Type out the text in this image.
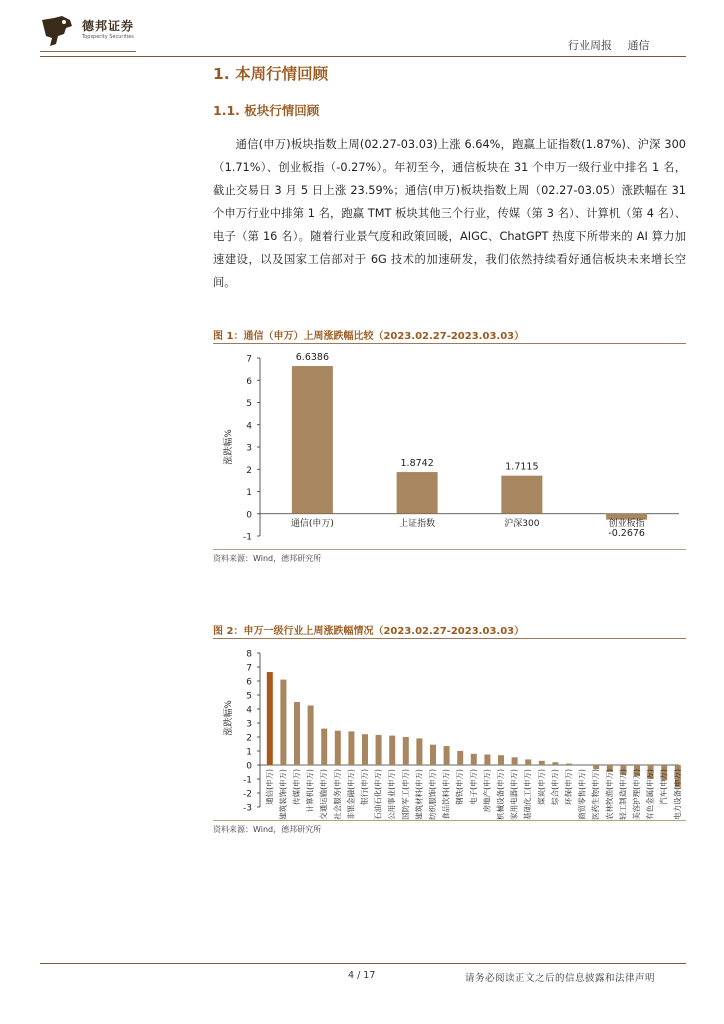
德邦证券
Topsperity Securities
行业周报 通信
1. 本周行情回顾
1.1. 板块行情回顾
通信(申万)板块指数上周(02.27-03.03)上涨 6.64%，跑赢上证指数(1.87%)、沪深 300（1.71%）、创业板指（-0.27%）。年初至今，通信板块在 31 个申万一级行业中排名 1 名，截止交易日 3 月 5 日上涨 23.59%；通信(申万)板块指数上周（02.27-03.05）涨跌幅在 31 个申万行业中排第 1 名，跑赢 TMT 板块其他三个行业，传媒（第 3 名）、计算机（第 4 名）、电子（第 16 名）。随着行业景气度和政策回暖，AIGC、ChatGPT 热度下所带来的 AI 算力加速建设，以及国家工信部对于 6G 技术的加速研发，我们依然持续看好通信板块未来增长空间。
图 1：通信（申万）上周涨跌幅比较（2023.02.27-2023.03.03）
-1
0
1
2
3
4
5
6
7
涨跌幅%
6.6386
通信(申万)
1.8742
上证指数
1.7115
沪深300
-0.2676
创业板指
资料来源：Wind，德邦研究所
图 2：申万一级行业上周涨跌幅情况（2023.02.27-2023.03.03）
-3
-2
-1
0
1
2
3
4
5
6
7
8
涨跌幅%
通信(申万) 建筑装饰(申万) 传媒(申万) 计算机(申万) 交通运输(申万) 社会服务(申万) 非银金融(申万) 银行(申万) 石油石化(申万) 公用事业(申万) 国防军工(申万) 建筑材料(申万) 纺织服饰(申万) 食品饮料(申万) 钢铁(申万) 电子(申万) 房地产(申万) 机械设备(申万) 家用电器(申万) 基础化工(申万) 煤炭(申万) 综合(申万) 环保(申万) 商贸零售(申万) 医药生物(申万) 农林牧渔(申万) 轻工制造(申万) 美容护理(申万) 有色金属(申万) 汽车(申万) 电力设备(申万)
资料来源：Wind，德邦研究所
4 / 17	请务必阅读正文之后的信息披露和法律声明
